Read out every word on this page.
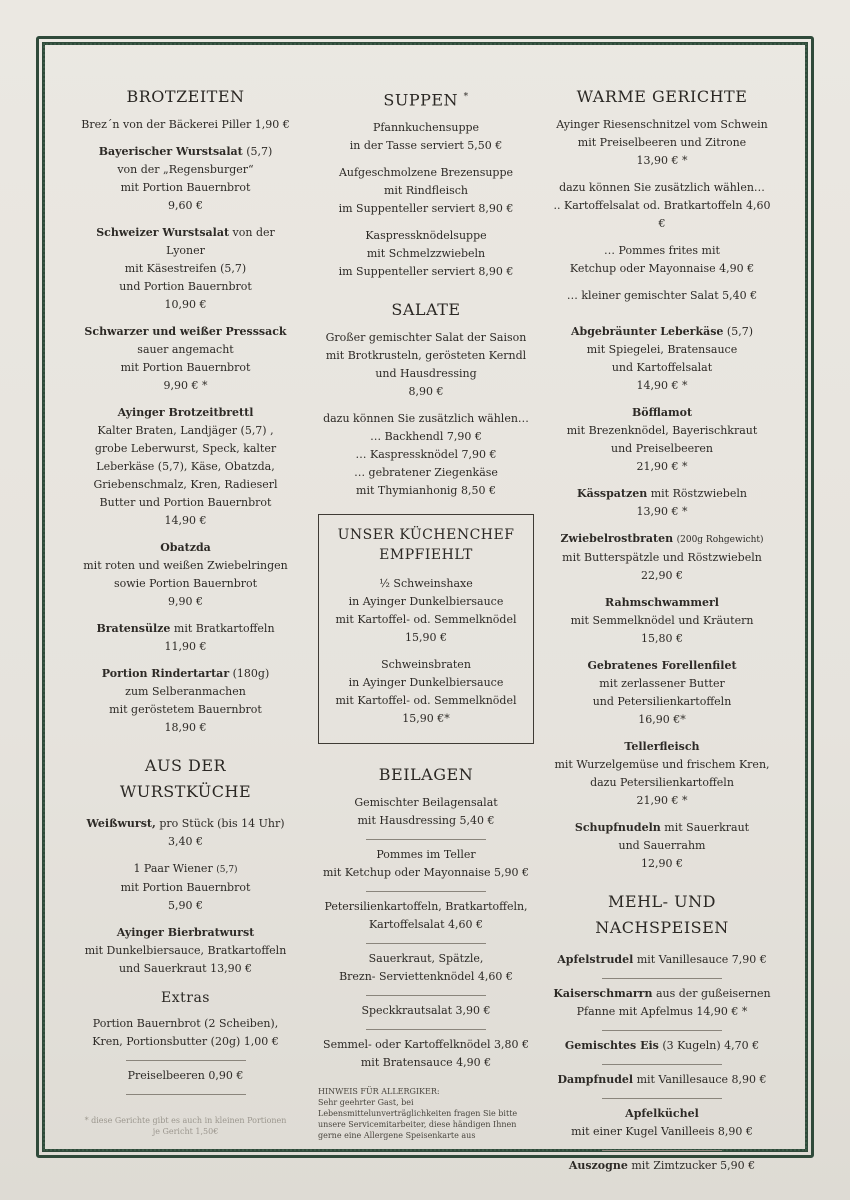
BROTZEITEN
Brez´n von der Bäckerei Piller 1,90 €
Bayerischer Wurstsalat (5,7)
von der „Regensburger“
mit Portion Bauernbrot
9,60 €
Schweizer Wurstsalat von der Lyoner
mit Käsestreifen (5,7)
und Portion Bauernbrot
10,90 €
Schwarzer und weißer Presssack
sauer angemacht
mit Portion Bauernbrot
9,90 € *
Ayinger Brotzeitbrettl
Kalter Braten, Landjäger (5,7) ,
grobe Leberwurst, Speck, kalter
Leberkäse (5,7), Käse, Obatzda,
Griebenschmalz, Kren, Radieserl
Butter und Portion Bauernbrot
14,90 €
Obatzda
mit roten und weißen Zwiebelringen
sowie Portion Bauernbrot
9,90 €
Bratensülze mit Bratkartoffeln
11,90 €
Portion Rindertartar (180g)
zum Selberanmachen
mit geröstetem Bauernbrot
18,90 €
AUS DER
WURSTKÜCHE
Weißwurst, pro Stück (bis 14 Uhr)
3,40 €
1 Paar Wiener (5,7)
mit Portion Bauernbrot
5,90 €
Ayinger Bierbratwurst
mit Dunkelbiersauce, Bratkartoffeln
und Sauerkraut 13,90 €
Extras
Portion Bauernbrot (2 Scheiben),
Kren, Portionsbutter (20g) 1,00 €
Preiselbeeren 0,90 €
* diese Gerichte gibt es auch in kleinen Portionen
je Gericht 1,50€
SUPPEN *
Pfannkuchensuppe
in der Tasse serviert 5,50 €
Aufgeschmolzene Brezensuppe
mit Rindfleisch
im Suppenteller serviert 8,90 €
Kaspressknödelsuppe
mit Schmelzzwiebeln
im Suppenteller serviert 8,90 €
SALATE
Großer gemischter Salat der Saison
mit Brotkrusteln, gerösteten Kerndl
und Hausdressing
8,90 €
dazu können Sie zusätzlich wählen…
… Backhendl 7,90 €
… Kaspressknödel 7,90 €
… gebratener Ziegenkäse
mit Thymianhonig 8,50 €
UNSER KÜCHENCHEF
EMPFIEHLT
½ Schweinshaxe
in Ayinger Dunkelbiersauce
mit Kartoffel- od. Semmelknödel
15,90 €
Schweinsbraten
in Ayinger Dunkelbiersauce
mit Kartoffel- od. Semmelknödel
15,90 €*
BEILAGEN
Gemischter Beilagensalat
mit Hausdressing 5,40 €
Pommes im Teller
mit Ketchup oder Mayonnaise 5,90 €
Petersilienkartoffeln, Bratkartoffeln,
Kartoffelsalat 4,60 €
Sauerkraut, Spätzle,
Brezn- Serviettenknödel 4,60 €
Speckkrautsalat 3,90 €
Semmel- oder Kartoffelknödel 3,80 €
mit Bratensauce 4,90 €
HINWEIS FÜR ALLERGIKER:
Sehr geehrter Gast, bei Lebensmittelunverträglichkeiten fragen Sie bitte unsere Servicemitarbeiter, diese händigen Ihnen gerne eine Allergene Speisenkarte aus
WARME GERICHTE
Ayinger Riesenschnitzel vom Schwein
mit Preiselbeeren und Zitrone
13,90 € *
dazu können Sie zusätzlich wählen…
.. Kartoffelsalat od. Bratkartoffeln 4,60 €
… Pommes frites mit
Ketchup oder Mayonnaise 4,90 €
… kleiner gemischter Salat 5,40 €
Abgebräunter Leberkäse (5,7)
mit Spiegelei, Bratensauce
und Kartoffelsalat
14,90 € *
Böfflamot
mit Brezenknödel, Bayerischkraut
und Preiselbeeren
21,90 € *
Kässpatzen mit Röstzwiebeln
13,90 € *
Zwiebelrostbraten (200g Rohgewicht)
mit Butterspätzle und Röstzwiebeln
22,90 €
Rahmschwammerl
mit Semmelknödel und Kräutern
15,80 €
Gebratenes Forellenfilet
mit zerlassener Butter
und Petersilienkartoffeln
16,90 €*
Tellerfleisch
mit Wurzelgemüse und frischem Kren,
dazu Petersilienkartoffeln
21,90 € *
Schupfnudeln mit Sauerkraut
und Sauerrahm
12,90 €
MEHL- UND
NACHSPEISEN
Apfelstrudel mit Vanillesauce 7,90 €
Kaiserschmarrn aus der gußeisernen
Pfanne mit Apfelmus 14,90 € *
Gemischtes Eis (3 Kugeln) 4,70 €
Dampfnudel mit Vanillesauce 8,90 €
Apfelküchel
mit einer Kugel Vanilleeis 8,90 €
Auszogne mit Zimtzucker 5,90 €
